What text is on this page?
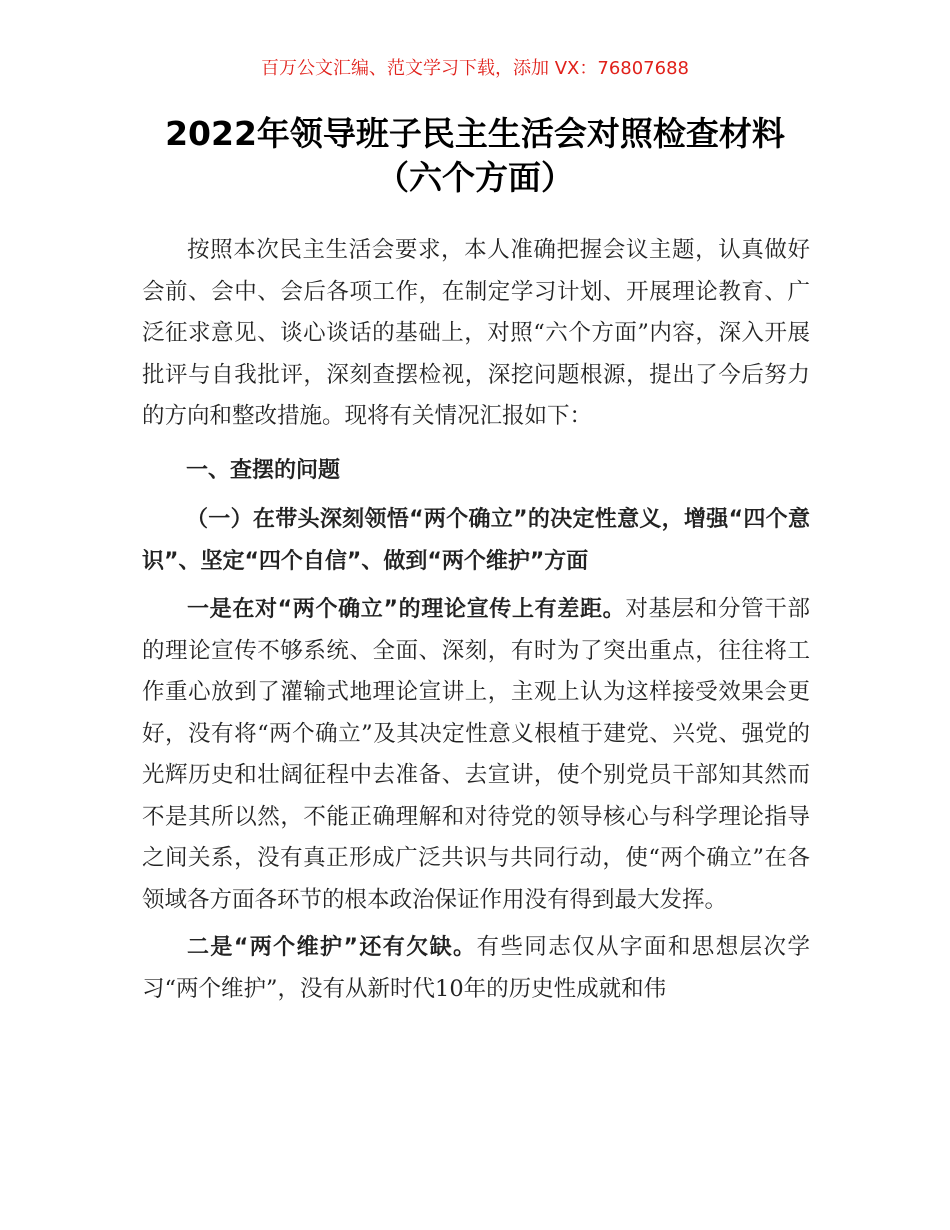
百万公文汇编、范文学习下载，添加 VX：76807688
2022年领导班子民主生活会对照检查材料
（六个方面）

按照本次民主生活会要求，本人准确把握会议主题，认真做好会前、会中、会后各项工作，在制定学习计划、开展理论教育、广泛征求意见、谈心谈话的基础上，对照“六个方面”内容，深入开展批评与自我批评，深刻查摆检视，深挖问题根源，提出了今后努力的方向和整改措施。现将有关情况汇报如下：

一、查摆的问题

（一）在带头深刻领悟“两个确立”的决定性意义，增强“四个意识”、坚定“四个自信”、做到“两个维护”方面

一是在对“两个确立”的理论宣传上有差距。对基层和分管干部的理论宣传不够系统、全面、深刻，有时为了突出重点，往往将工作重心放到了灌输式地理论宣讲上，主观上认为这样接受效果会更好，没有将“两个确立”及其决定性意义根植于建党、兴党、强党的光辉历史和壮阔征程中去准备、去宣讲，使个别党员干部知其然而不是其所以然，不能正确理解和对待党的领导核心与科学理论指导之间关系，没有真正形成广泛共识与共同行动，使“两个确立”在各领域各方面各环节的根本政治保证作用没有得到最大发挥。

二是“两个维护”还有欠缺。有些同志仅从字面和思想层次学习“两个维护”，没有从新时代10年的历史性成就和伟
